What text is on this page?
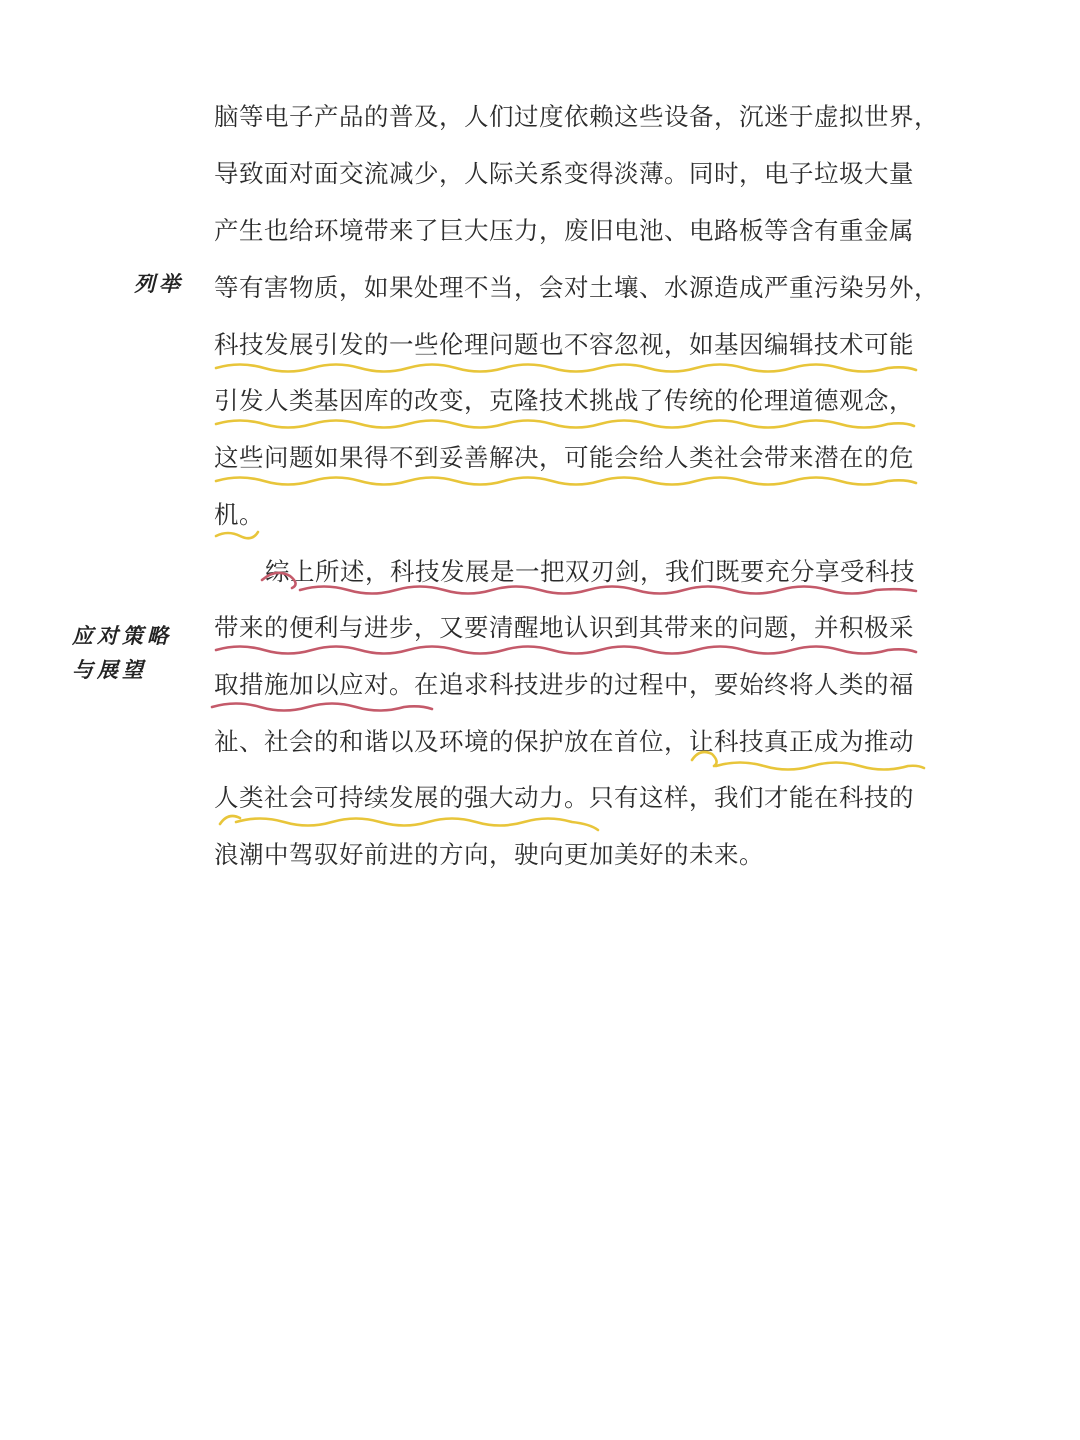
列举
应对策略
与展望
脑等电子产品的普及，人们过度依赖这些设备，沉迷于虚拟世界，
导致面对面交流减少，人际关系变得淡薄。同时，电子垃圾大量
产生也给环境带来了巨大压力，废旧电池、电路板等含有重金属
等有害物质，如果处理不当，会对土壤、水源造成严重污染另外，
科技发展引发的一些伦理问题也不容忽视，如基因编辑技术可能
引发人类基因库的改变，克隆技术挑战了传统的伦理道德观念，
这些问题如果得不到妥善解决，可能会给人类社会带来潜在的危
机。
综上所述，科技发展是一把双刃剑，我们既要充分享受科技
带来的便利与进步，又要清醒地认识到其带来的问题，并积极采
取措施加以应对。在追求科技进步的过程中，要始终将人类的福
祉、社会的和谐以及环境的保护放在首位，让科技真正成为推动
人类社会可持续发展的强大动力。只有这样，我们才能在科技的
浪潮中驾驭好前进的方向，驶向更加美好的未来。
